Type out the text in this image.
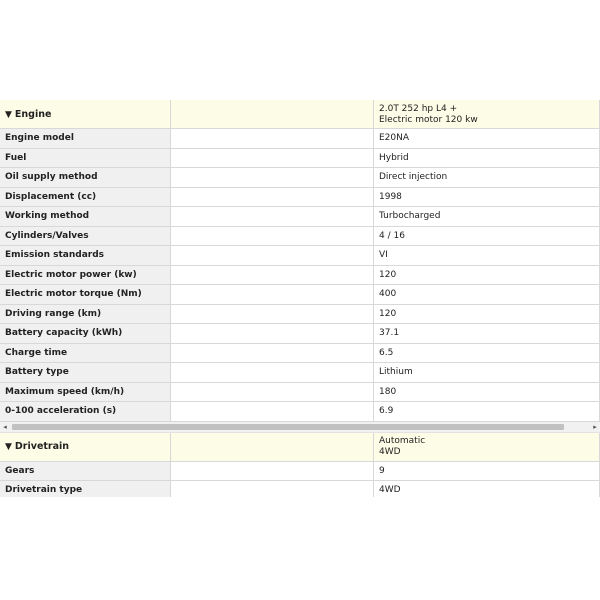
▼ Engine		2.0T 252 hp L4 +
Electric motor 120 kw

Engine model		E20NA
Fuel		Hybrid
Oil supply method		Direct injection
Displacement (cc)		1998
Working method		Turbocharged
Cylinders/Valves		4 / 16
Emission standards		VI
Electric motor power (kw)		120
Electric motor torque (Nm)		400
Driving range (km)		120
Battery capacity (kWh)		37.1
Charge time		6.5
Battery type		Lithium
Maximum speed (km/h)		180
0-100 acceleration (s)		6.9
◂	▸
▼ Drivetrain		Automatic
4WD

Gears		9
Drivetrain type		4WD
